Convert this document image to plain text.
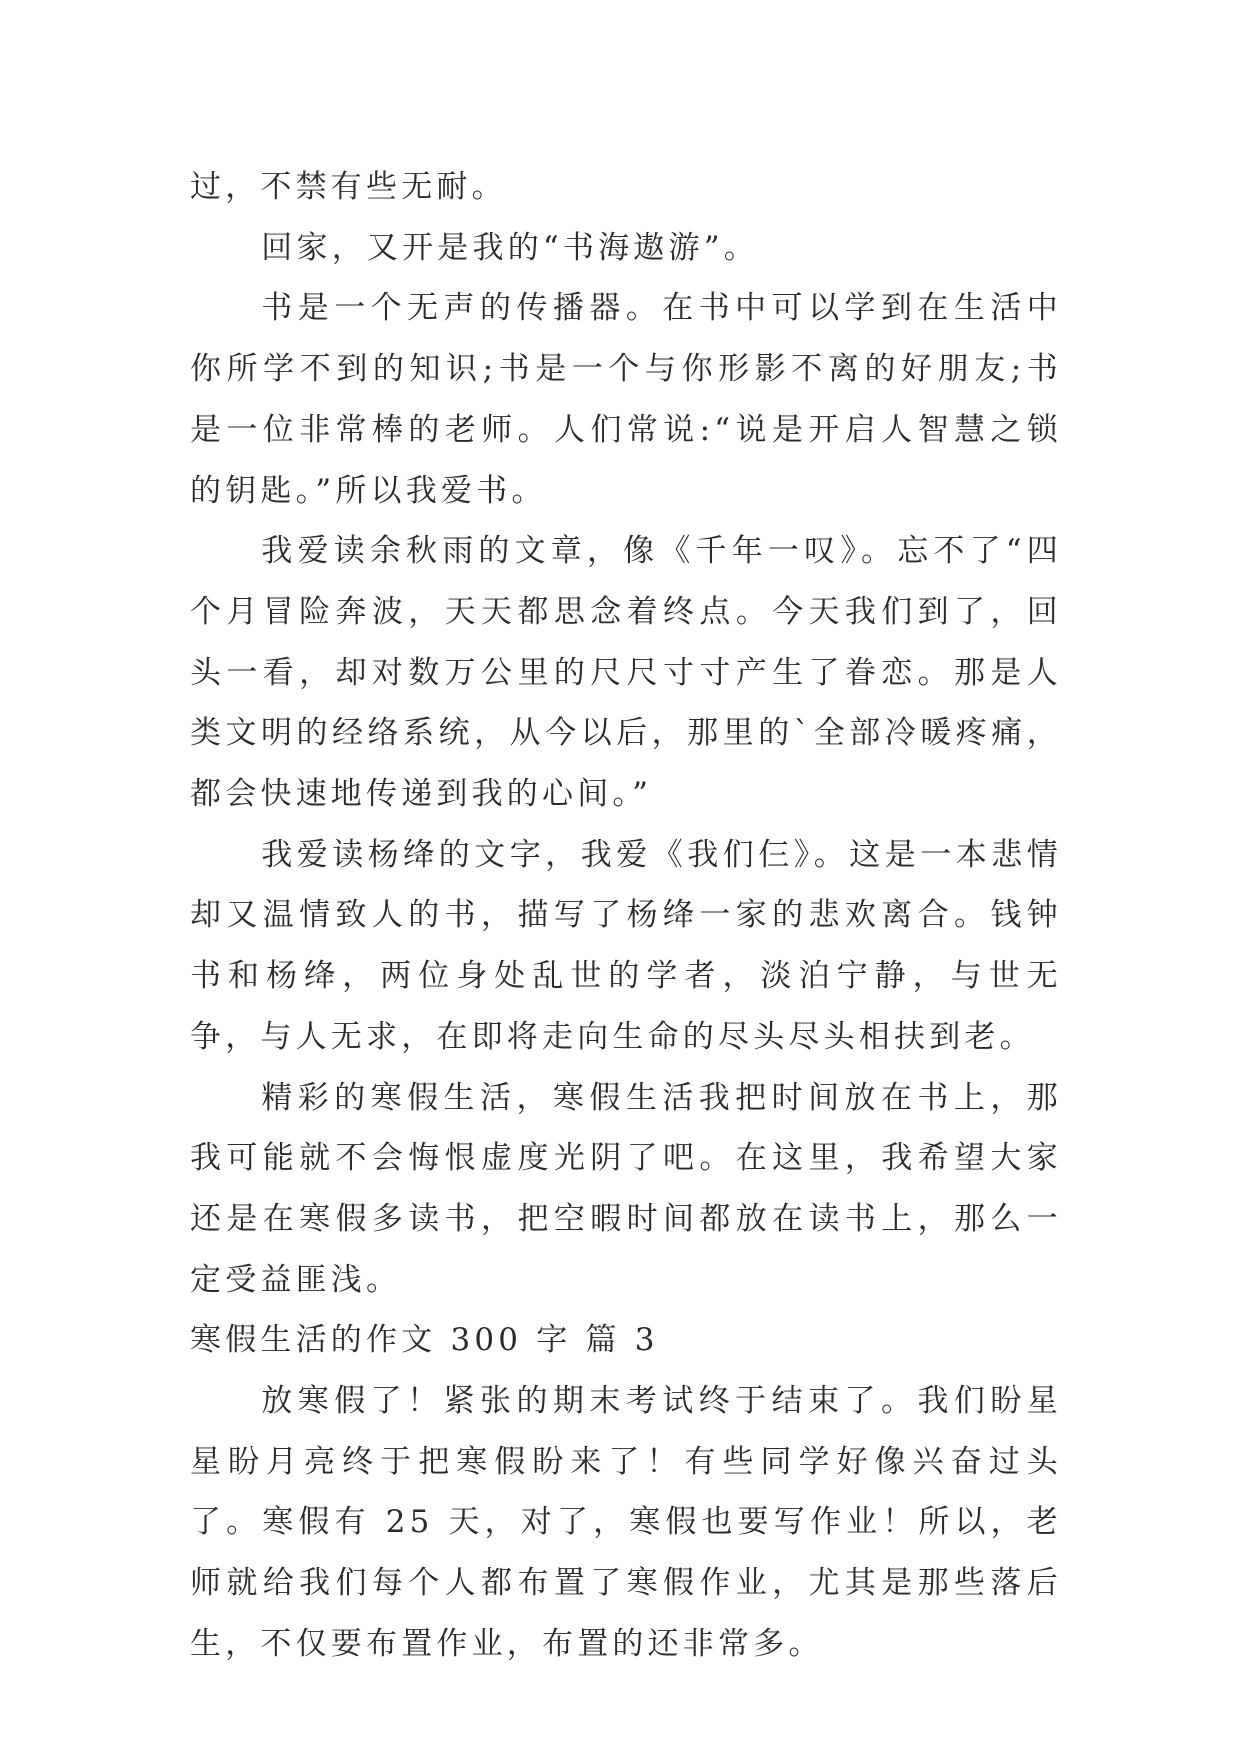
过，不禁有些无耐。

回家，又开是我的“书海遨游”。

书是一个无声的传播器。在书中可以学到在生活中你所学不到的知识;书是一个与你形影不离的好朋友;书是一位非常棒的老师。人们常说:“说是开启人智慧之锁的钥匙。”所以我爱书。

我爱读余秋雨的文章，像《千年一叹》。忘不了“四个月冒险奔波，天天都思念着终点。今天我们到了，回头一看，却对数万公里的尺尺寸寸产生了眷恋。那是人类文明的经络系统，从今以后，那里的`全部冷暖疼痛，都会快速地传递到我的心间。”

我爱读杨绛的文字，我爱《我们仨》。这是一本悲情却又温情致人的书，描写了杨绛一家的悲欢离合。钱钟书和杨绛，两位身处乱世的学者，淡泊宁静，与世无争，与人无求，在即将走向生命的尽头尽头相扶到老。

精彩的寒假生活，寒假生活我把时间放在书上，那我可能就不会悔恨虚度光阴了吧。在这里，我希望大家还是在寒假多读书，把空暇时间都放在读书上，那么一定受益匪浅。

寒假生活的作文 300 字 篇 3

放寒假了！紧张的期末考试终于结束了。我们盼星星盼月亮终于把寒假盼来了！有些同学好像兴奋过头了。寒假有 25 天，对了，寒假也要写作业！所以，老师就给我们每个人都布置了寒假作业，尤其是那些落后生，不仅要布置作业，布置的还非常多。
